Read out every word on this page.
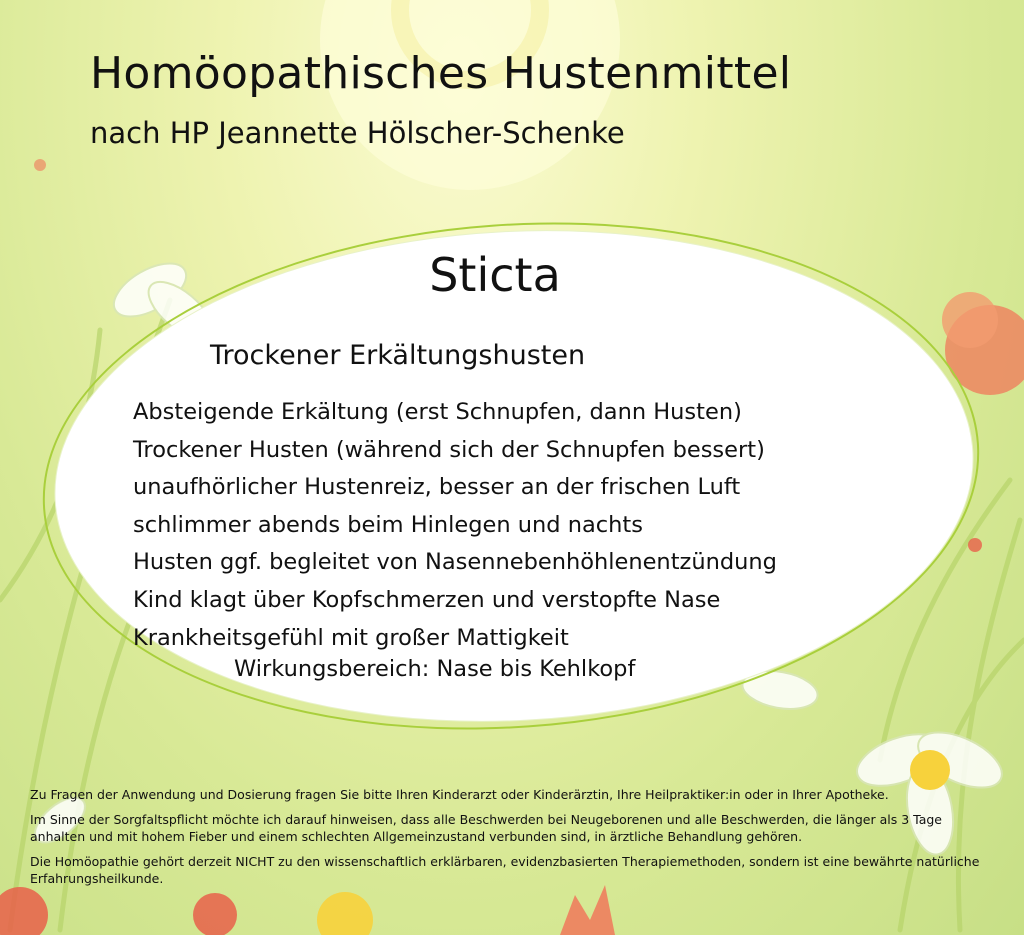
Homöopathisches Hustenmittel
nach HP Jeannette Hölscher-Schenke
Sticta
Trockener Erkältungshusten
Absteigende Erkältung (erst Schnupfen, dann Husten)
Trockener Husten (während sich der Schnupfen bessert)
unaufhörlicher Hustenreiz, besser an der frischen Luft
schlimmer abends beim Hinlegen und nachts
Husten ggf. begleitet von Nasennebenhöhlenentzündung
Kind klagt über Kopfschmerzen und verstopfte Nase
Krankheitsgefühl mit großer Mattigkeit

Wirkungsbereich: Nase bis Kehlkopf

Zu Fragen der Anwendung und Dosierung fragen Sie bitte Ihren Kinderarzt oder Kinderärztin, Ihre Heilpraktiker:in oder in Ihrer Apotheke.

Im Sinne der Sorgfaltspflicht möchte ich darauf hinweisen, dass alle Beschwerden bei Neugeborenen und alle Beschwerden, die länger als 3 Tage anhalten und mit hohem Fieber und einem schlechten Allgemeinzustand verbunden sind, in ärztliche Behandlung gehören.

Die Homöopathie gehört derzeit NICHT zu den wissenschaftlich erklärbaren, evidenzbasierten Therapiemethoden, sondern ist eine bewährte natürliche Erfahrungsheilkunde.
